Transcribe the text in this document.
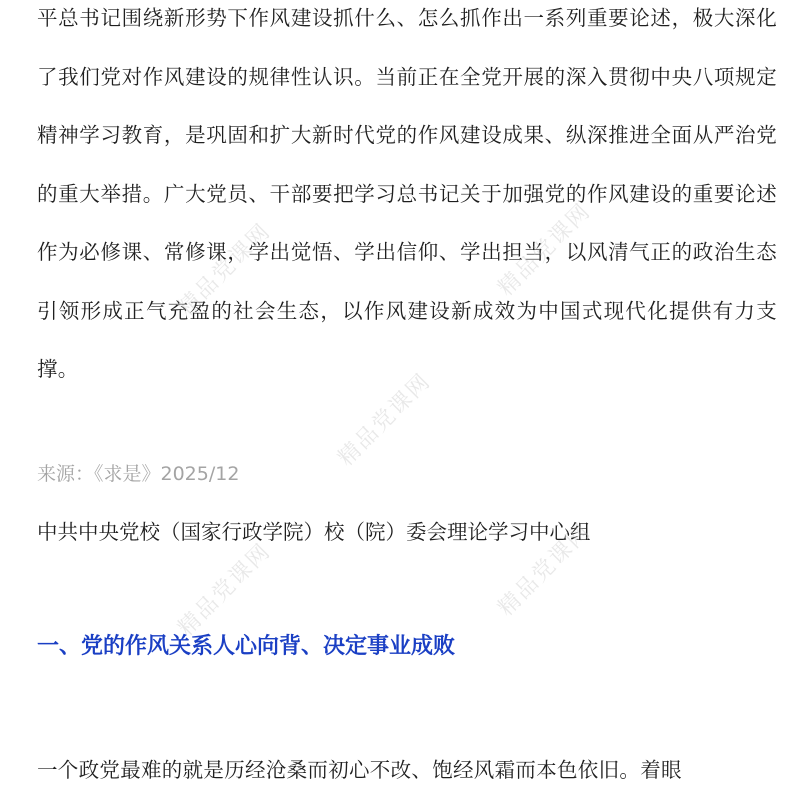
平总书记围绕新形势下作风建设抓什么、怎么抓作出一系列重要论述，极大深化了我们党对作风建设的规律性认识。当前正在全党开展的深入贯彻中央八项规定精神学习教育，是巩固和扩大新时代党的作风建设成果、纵深推进全面从严治党的重大举措。广大党员、干部要把学习总书记关于加强党的作风建设的重要论述作为必修课、常修课，学出觉悟、学出信仰、学出担当，以风清气正的政治生态引领形成正气充盈的社会生态，以作风建设新成效为中国式现代化提供有力支撑。

来源：《求是》2025/12
中共中央党校（国家行政学院）校（院）委会理论学习中心组
一、党的作风关系人心向背、决定事业成败
一个政党最难的就是历经沧桑而初心不改、饱经风霜而本色依旧。着眼
精品党课网	精品党课网
精品党课网
精品党课网	精品党课网
